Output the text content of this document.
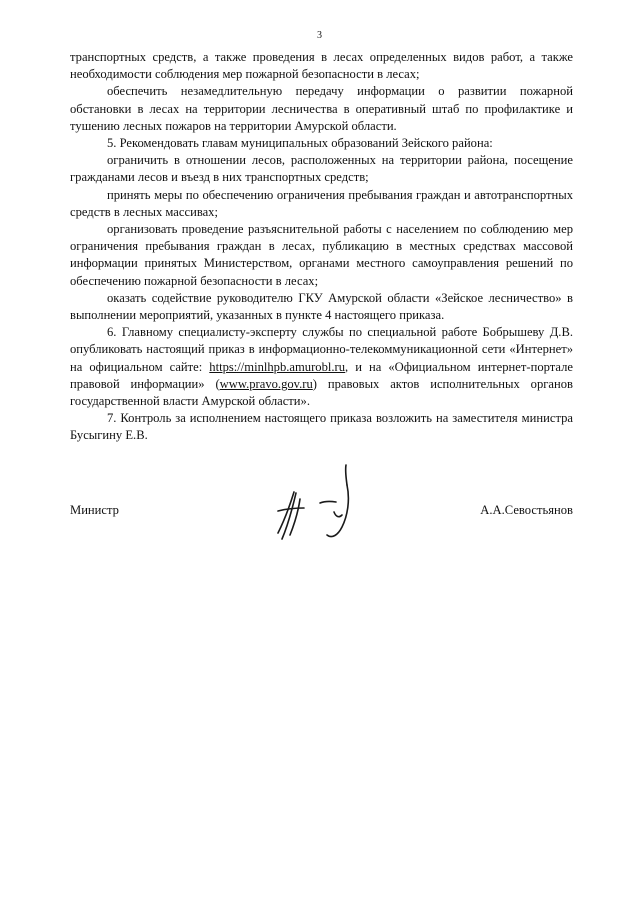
3

транспортных средств, а также проведения в лесах определенных видов работ, а также необходимости соблюдения мер пожарной безопасности в лесах;

обеспечить незамедлительную передачу информации о развитии пожарной обстановки в лесах на территории лесничества в оперативный штаб по профилактике и тушению лесных пожаров на территории Амурской области.

5. Рекомендовать главам муниципальных образований Зейского района:

ограничить в отношении лесов, расположенных на территории района, посещение гражданами лесов и въезд в них транспортных средств;

принять меры по обеспечению ограничения пребывания граждан и автотранспортных средств в лесных массивах;

организовать проведение разъяснительной работы с населением по соблюдению мер ограничения пребывания граждан в лесах, публикацию в местных средствах массовой информации принятых Министерством, органами местного самоуправления решений по обеспечению пожарной безопасности в лесах;

оказать содействие руководителю ГКУ Амурской области «Зейское лесничество» в выполнении мероприятий, указанных в пункте 4 настоящего приказа.

6. Главному специалисту-эксперту службы по специальной работе Бобрышеву Д.В. опубликовать настоящий приказ в информационно-телекоммуникационной сети «Интернет» на официальном сайте: https://minlhpb.amurobl.ru, и на «Официальном интернет-портале правовой информации» (www.pravo.gov.ru) правовых актов исполнительных органов государственной власти Амурской области».

7. Контроль за исполнением настоящего приказа возложить на заместителя министра Бусыгину Е.В.

Министр	А.А.Севостьянов
